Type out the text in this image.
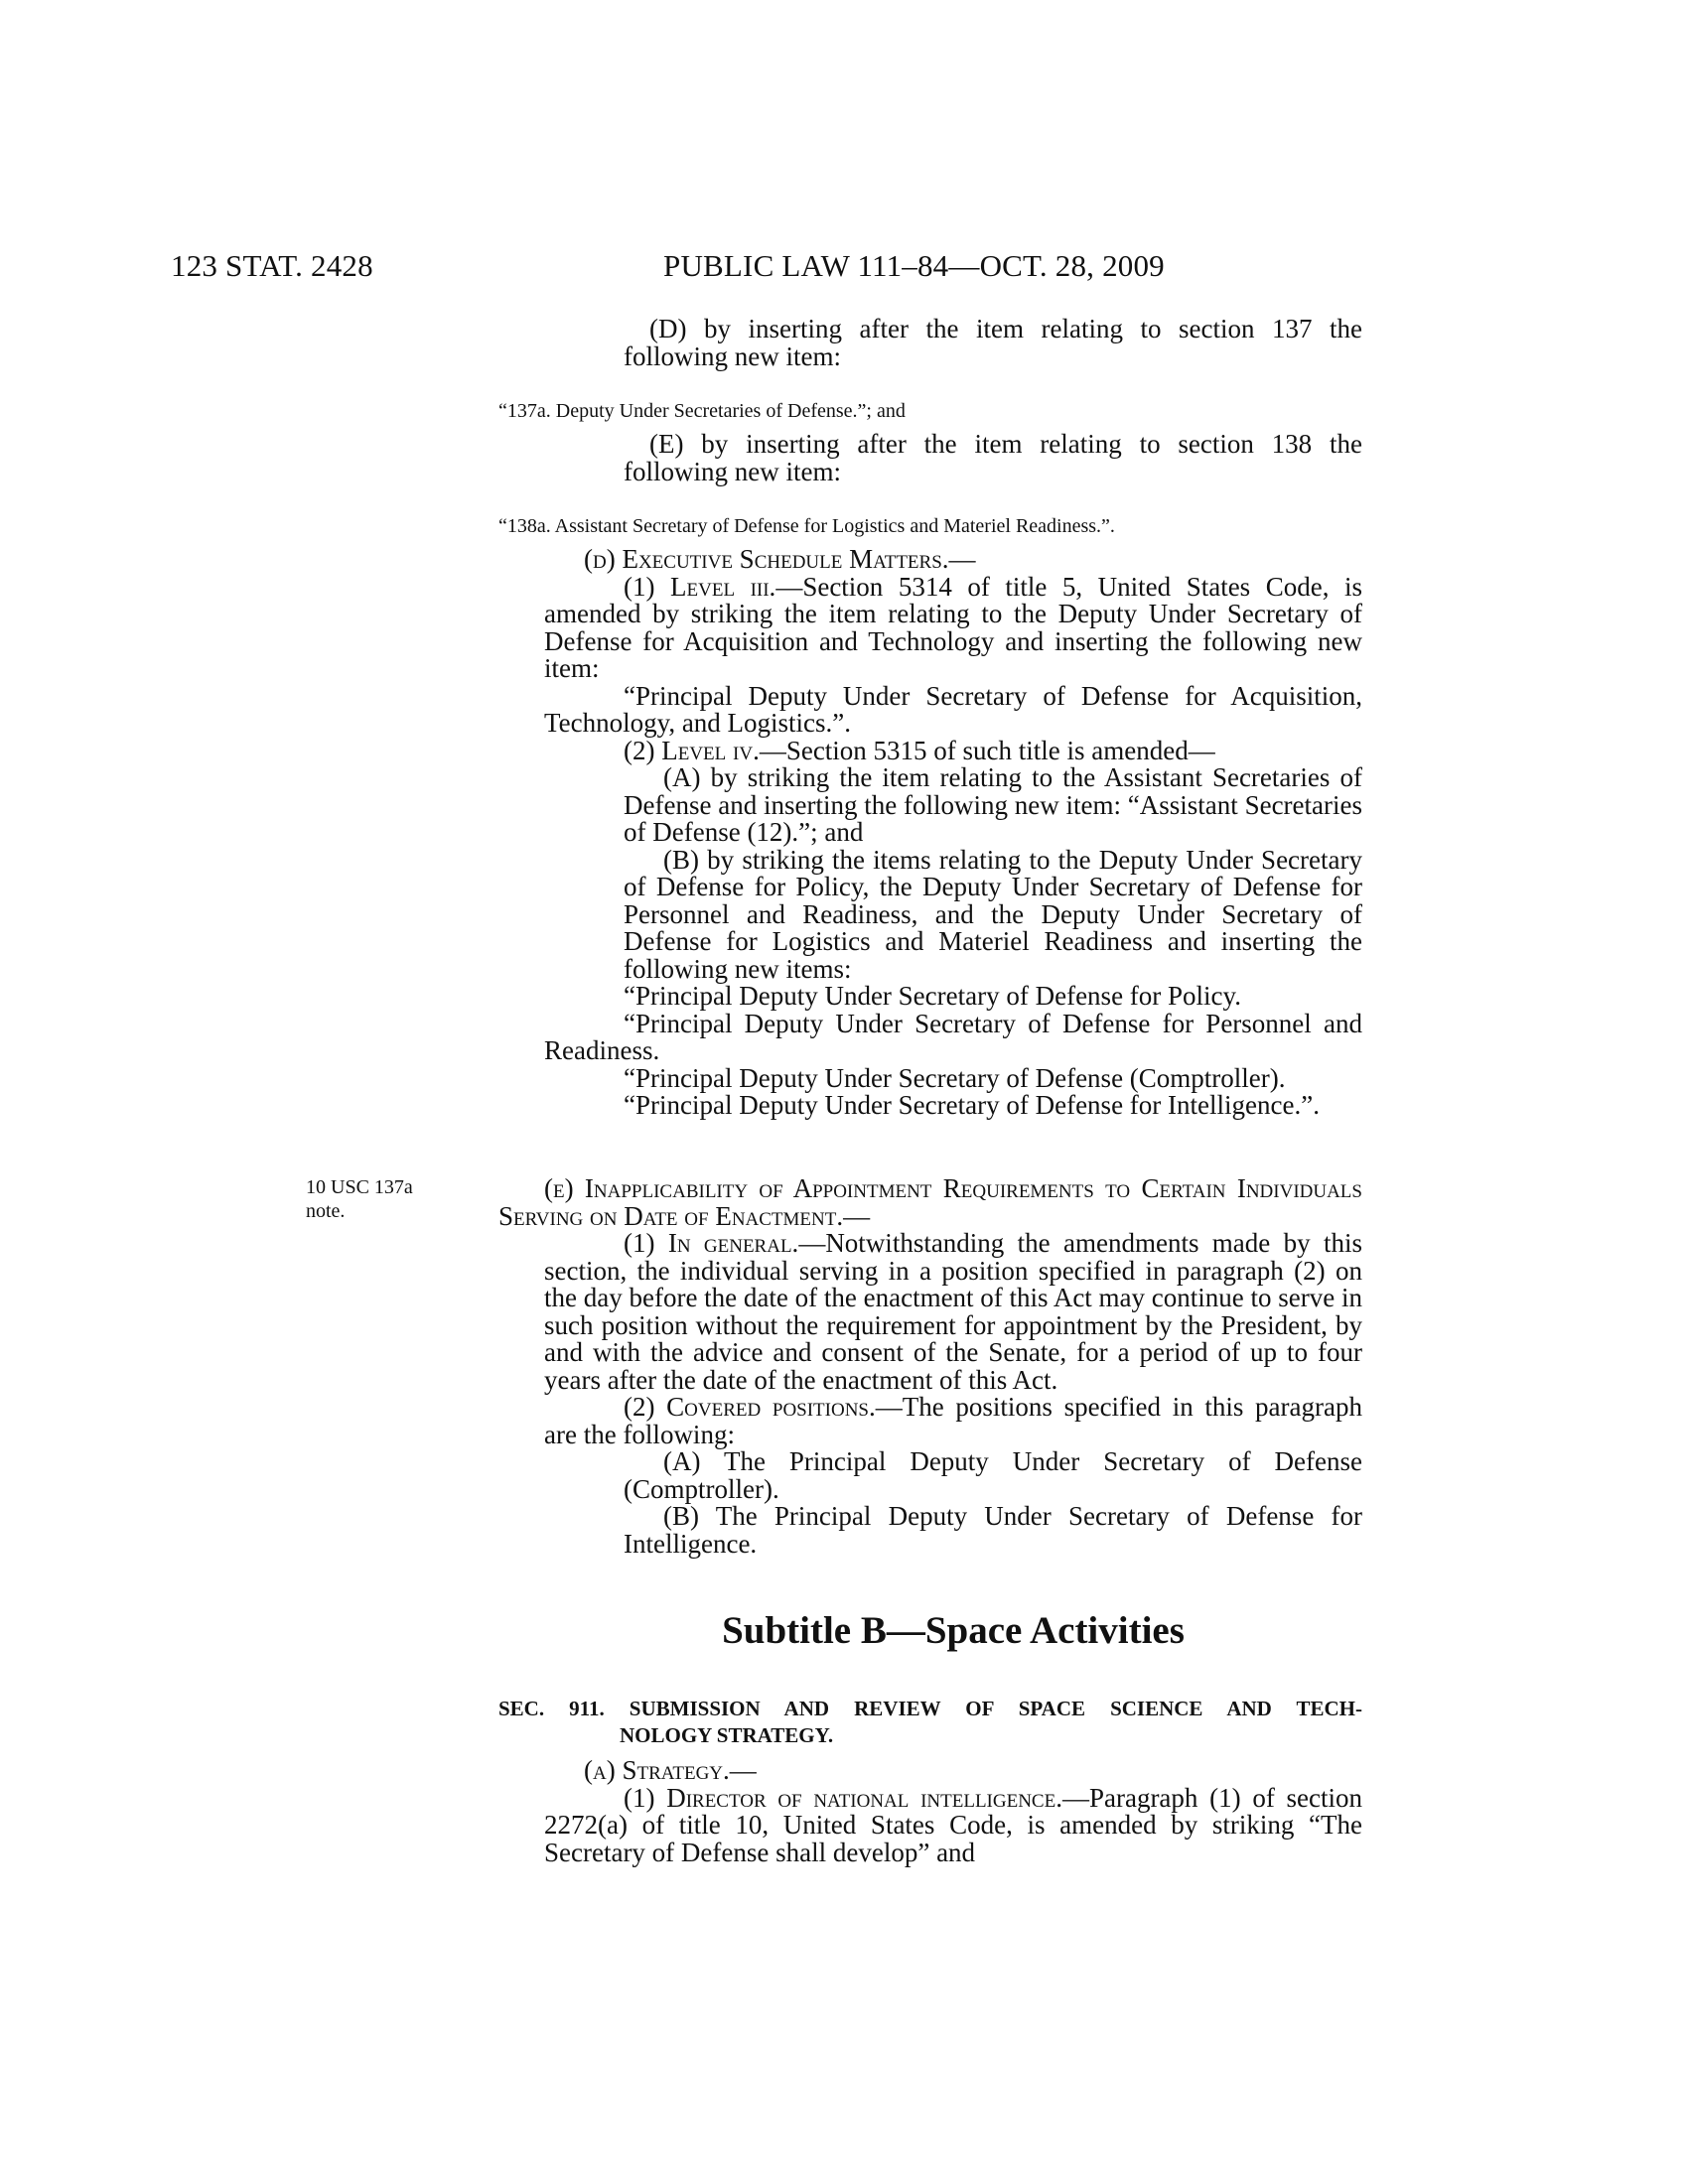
123 STAT. 2428	PUBLIC LAW 111–84—OCT. 28, 2009
10 USC 137a
note.

(D) by inserting after the item relating to section 137 the following new item:

“137a. Deputy Under Secretaries of Defense.”; and

(E) by inserting after the item relating to section 138 the following new item:

“138a. Assistant Secretary of Defense for Logistics and Materiel Readiness.”.

(d) Executive Schedule Matters.—

(1) Level iii.—Section 5314 of title 5, United States Code, is amended by striking the item relating to the Deputy Under Secretary of Defense for Acquisition and Technology and inserting the following new item:

“Principal Deputy Under Secretary of Defense for Acquisition, Technology, and Logistics.”.

(2) Level iv.—Section 5315 of such title is amended—

(A) by striking the item relating to the Assistant Secretaries of Defense and inserting the following new item: “Assistant Secretaries of Defense (12).”; and

(B) by striking the items relating to the Deputy Under Secretary of Defense for Policy, the Deputy Under Secretary of Defense for Personnel and Readiness, and the Deputy Under Secretary of Defense for Logistics and Materiel Readiness and inserting the following new items:

“Principal Deputy Under Secretary of Defense for Policy.

“Principal Deputy Under Secretary of Defense for Personnel and Readiness.

“Principal Deputy Under Secretary of Defense (Comptroller).

“Principal Deputy Under Secretary of Defense for Intelligence.”.

(e) Inapplicability of Appointment Requirements to Certain Individuals Serving on Date of Enactment.—

(1) In general.—Notwithstanding the amendments made by this section, the individual serving in a position specified in paragraph (2) on the day before the date of the enactment of this Act may continue to serve in such position without the requirement for appointment by the President, by and with the advice and consent of the Senate, for a period of up to four years after the date of the enactment of this Act.

(2) Covered positions.—The positions specified in this paragraph are the following:

(A) The Principal Deputy Under Secretary of Defense (Comptroller).

(B) The Principal Deputy Under Secretary of Defense for Intelligence.

Subtitle B—Space Activities
SEC. 911. SUBMISSION AND REVIEW OF SPACE SCIENCE AND TECH-
NOLOGY STRATEGY.

(a) Strategy.—

(1) Director of national intelligence.—Paragraph (1) of section 2272(a) of title 10, United States Code, is amended by striking “The Secretary of Defense shall develop” and
